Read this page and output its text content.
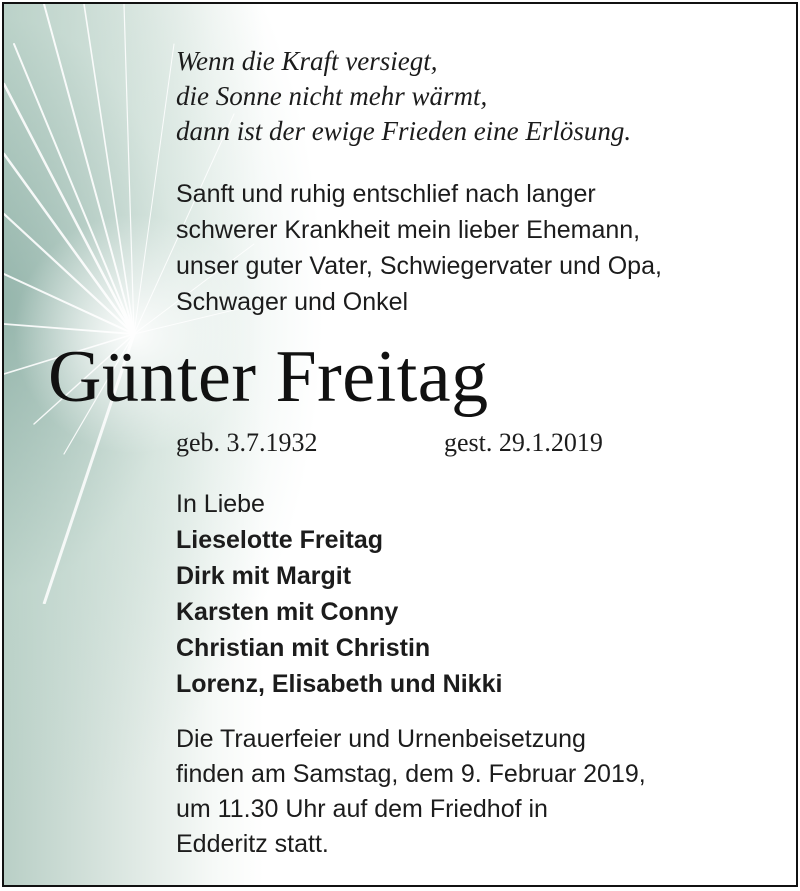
Wenn die Kraft versiegt,
die Sonne nicht mehr wärmt,
dann ist der ewige Frieden eine Erlösung.
Sanft und ruhig entschlief nach langer
schwerer Krankheit mein lieber Ehemann,
unser guter Vater, Schwiegervater und Opa,
Schwager und Onkel
Günter Freitag
geb. 3.7.1932	gest. 29.1.2019
In Liebe
Lieselotte Freitag
Dirk mit Margit
Karsten mit Conny
Christian mit Christin
Lorenz, Elisabeth und Nikki
Die Trauerfeier und Urnenbeisetzung
finden am Samstag, dem 9. Februar 2019,
um 11.30 Uhr auf dem Friedhof in
Edderitz statt.
